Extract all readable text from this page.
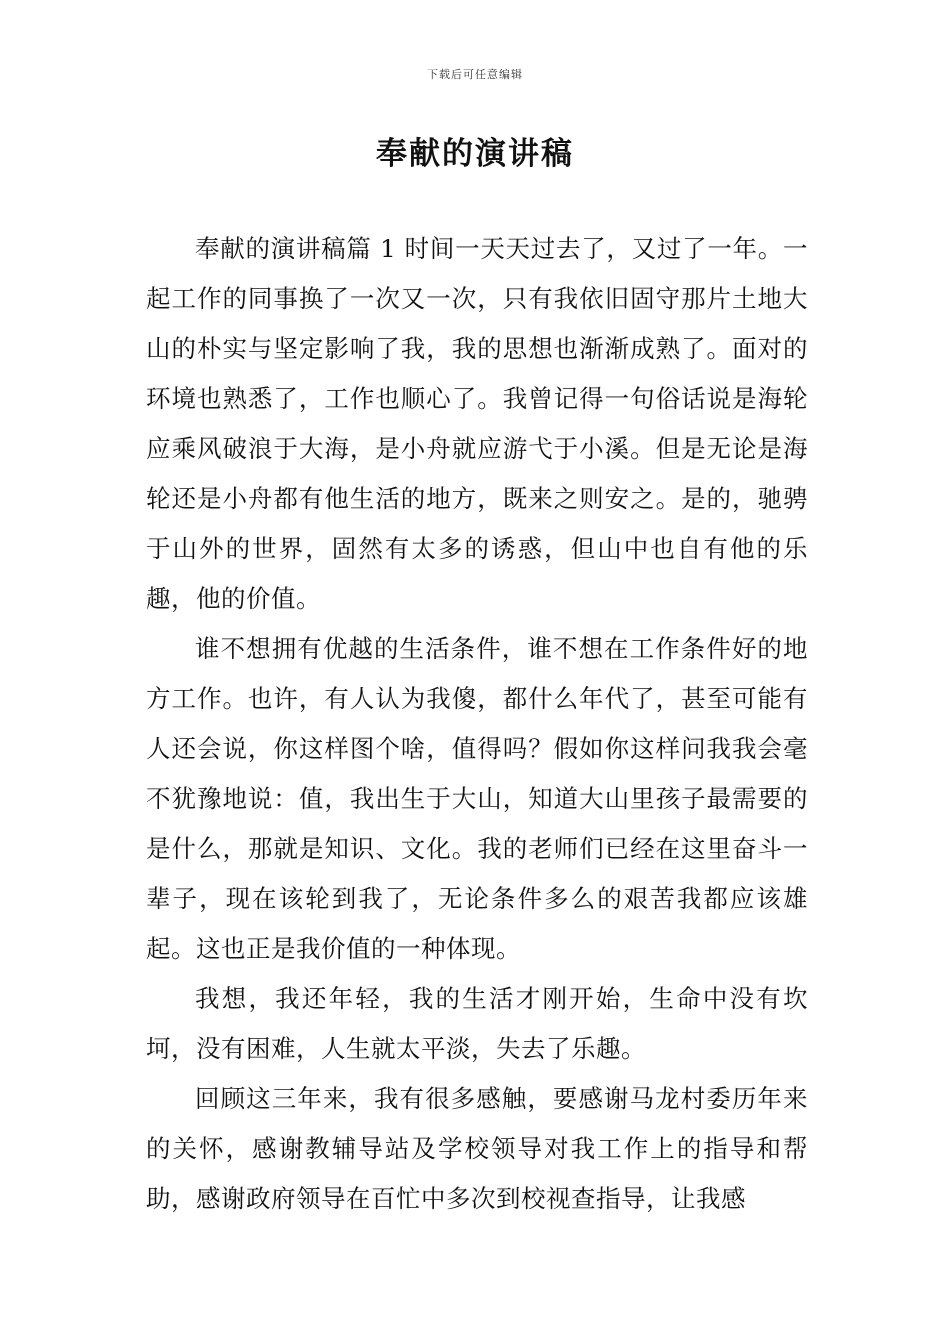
下载后可任意编辑
奉献的演讲稿

奉献的演讲稿篇 1 时间一天天过去了，又过了一年。一起工作的同事换了一次又一次，只有我依旧固守那片土地大山的朴实与坚定影响了我，我的思想也渐渐成熟了。面对的环境也熟悉了，工作也顺心了。我曾记得一句俗话说是海轮应乘风破浪于大海，是小舟就应游弋于小溪。但是无论是海轮还是小舟都有他生活的地方，既来之则安之。是的，驰骋于山外的世界，固然有太多的诱惑，但山中也自有他的乐趣，他的价值。

谁不想拥有优越的生活条件，谁不想在工作条件好的地方工作。也许，有人认为我傻，都什么年代了，甚至可能有人还会说，你这样图个啥，值得吗？假如你这样问我我会毫不犹豫地说：值，我出生于大山，知道大山里孩子最需要的是什么，那就是知识、文化。我的老师们已经在这里奋斗一辈子，现在该轮到我了，无论条件多么的艰苦我都应该雄起。这也正是我价值的一种体现。

我想，我还年轻，我的生活才刚开始，生命中没有坎坷，没有困难，人生就太平淡，失去了乐趣。

回顾这三年来，我有很多感触，要感谢马龙村委历年来的关怀，感谢教辅导站及学校领导对我工作上的指导和帮助，感谢政府领导在百忙中多次到校视查指导，让我感
